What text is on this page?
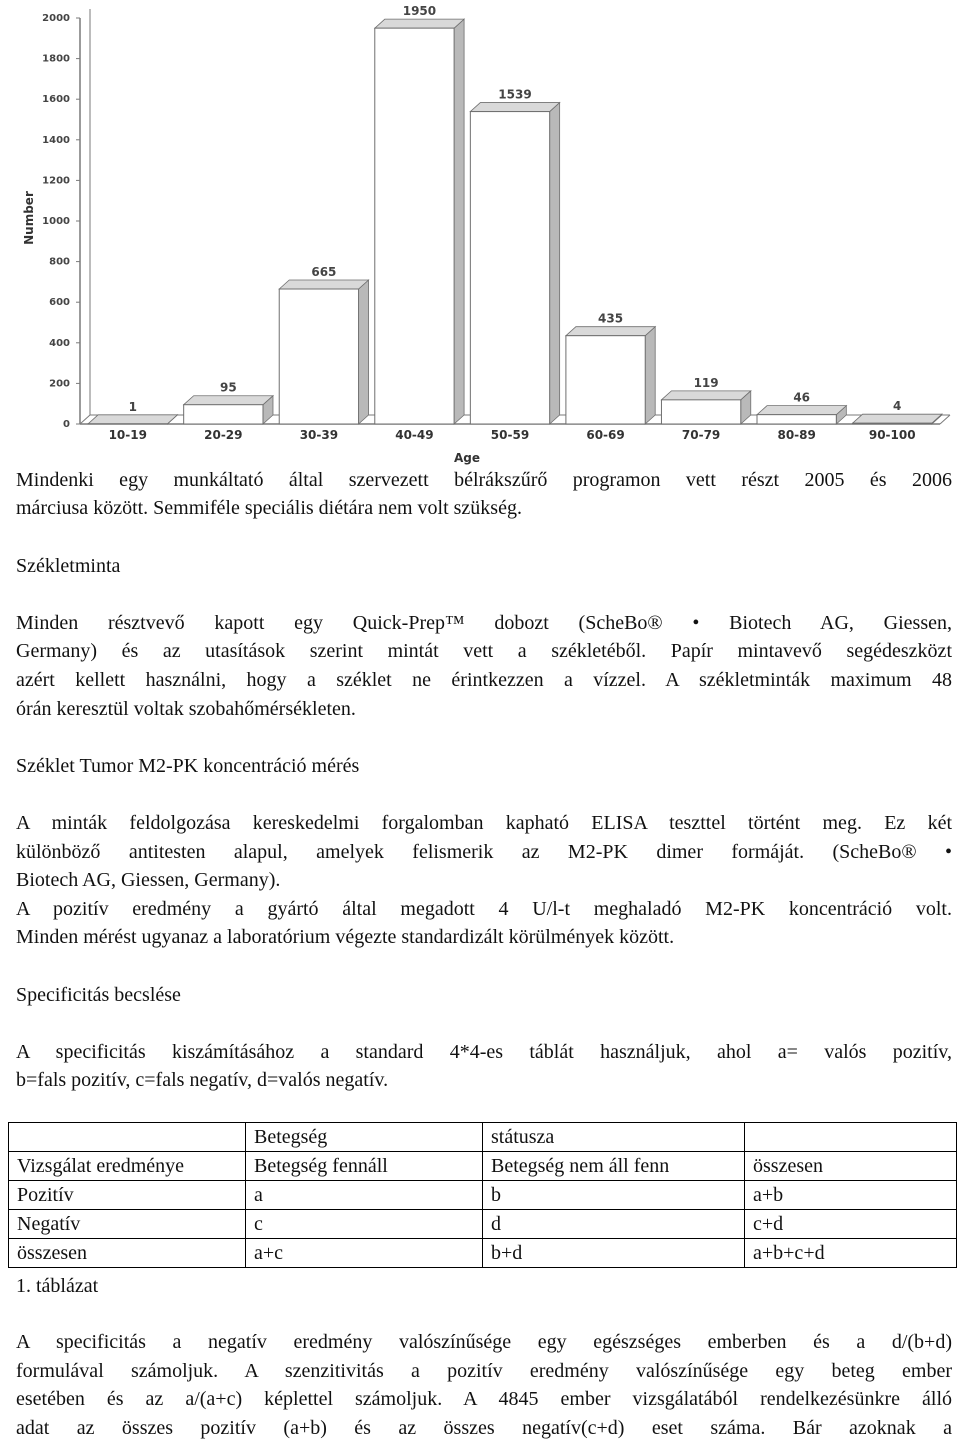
0
200
400
600
800
1000
1200
1400
1600
1800
2000
1
95
665
1950
1539
435
119
46
4
10-19	20-29	30-39	40-49	50-59	60-69	70-79	80-89	90-100
Number
Age

Mindenki egy munkáltató által szervezett bélrákszűrő programon vett részt 2005 és 2006

márciusa között. Semmiféle speciális diétára nem volt szükség.

Székletminta

Minden résztvevő kapott egy Quick-Prep™ dobozt (ScheBo® • Biotech AG, Giessen,

Germany) és az utasítások szerint mintát vett a székletéből. Papír mintavevő segédeszközt

azért kellett használni, hogy a széklet ne érintkezzen a vízzel. A székletminták maximum 48

órán keresztül voltak szobahőmérsékleten.

Széklet Tumor M2-PK koncentráció mérés

A minták feldolgozása kereskedelmi forgalomban kapható ELISA teszttel történt meg. Ez két

különböző antitesten alapul, amelyek felismerik az M2-PK dimer formáját. (ScheBo® •

Biotech AG, Giessen, Germany).

A pozitív eredmény a gyártó által megadott 4 U/l-t meghaladó M2-PK koncentráció volt.

Minden mérést ugyanaz a laboratórium végezte standardizált körülmények között.

Specificitás becslése

A specificitás kiszámításához a standard 4*4-es táblát használjuk, ahol a= valós pozitív,

b=fals pozitív, c=fals negatív, d=valós negatív.

	Betegség	státusza	
Vizsgálat eredménye	Betegség fennáll	Betegség nem áll fenn	összesen
Pozitív	a	b	a+b
Negatív	c	d	c+d
összesen	a+c	b+d	a+b+c+d
1. táblázat

A specificitás a negatív eredmény valószínűsége egy egészséges emberben és a d/(b+d)

formulával számoljuk. A szenzitivitás a pozitív eredmény valószínűsége egy beteg ember

esetében és az a/(a+c) képlettel számoljuk. A 4845 ember vizsgálatából rendelkezésünkre álló

adat az összes pozitív (a+b) és az összes negatív(c+d) eset száma. Bár azoknak a
